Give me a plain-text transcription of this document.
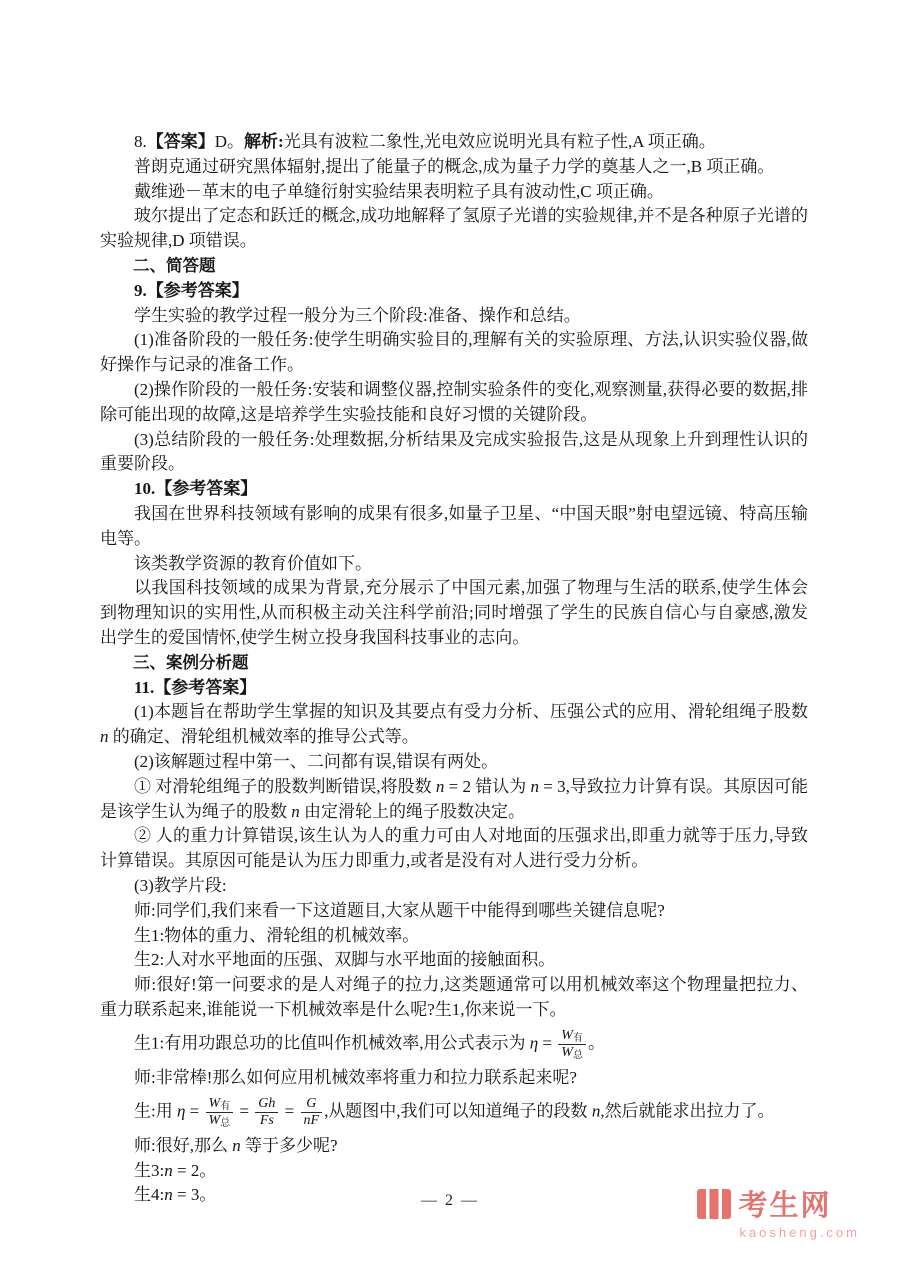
8.【答案】D。解析:光具有波粒二象性,光电效应说明光具有粒子性,A 项正确。

普朗克通过研究黑体辐射,提出了能量子的概念,成为量子力学的奠基人之一,B 项正确。

戴维逊－革末的电子单缝衍射实验结果表明粒子具有波动性,C 项正确。

玻尔提出了定态和跃迁的概念,成功地解释了氢原子光谱的实验规律,并不是各种原子光谱的实验规律,D 项错误。

二、简答题

9.【参考答案】

学生实验的教学过程一般分为三个阶段:准备、操作和总结。

(1)准备阶段的一般任务:使学生明确实验目的,理解有关的实验原理、方法,认识实验仪器,做好操作与记录的准备工作。

(2)操作阶段的一般任务:安装和调整仪器,控制实验条件的变化,观察测量,获得必要的数据,排除可能出现的故障,这是培养学生实验技能和良好习惯的关键阶段。

(3)总结阶段的一般任务:处理数据,分析结果及完成实验报告,这是从现象上升到理性认识的重要阶段。

10.【参考答案】

我国在世界科技领域有影响的成果有很多,如量子卫星、“中国天眼”射电望远镜、特高压输电等。

该类教学资源的教育价值如下。

以我国科技领域的成果为背景,充分展示了中国元素,加强了物理与生活的联系,使学生体会到物理知识的实用性,从而积极主动关注科学前沿;同时增强了学生的民族自信心与自豪感,激发出学生的爱国情怀,使学生树立投身我国科技事业的志向。

三、案例分析题

11.【参考答案】

(1)本题旨在帮助学生掌握的知识及其要点有受力分析、压强公式的应用、滑轮组绳子股数 n 的确定、滑轮组机械效率的推导公式等。

(2)该解题过程中第一、二问都有误,错误有两处。

① 对滑轮组绳子的股数判断错误,将股数 n = 2 错认为 n = 3,导致拉力计算有误。其原因可能是该学生认为绳子的股数 n 由定滑轮上的绳子股数决定。

② 人的重力计算错误,该生认为人的重力可由人对地面的压强求出,即重力就等于压力,导致计算错误。其原因可能是认为压力即重力,或者是没有对人进行受力分析。

(3)教学片段:

师:同学们,我们来看一下这道题目,大家从题干中能得到哪些关键信息呢?

生1:物体的重力、滑轮组的机械效率。

生2:人对水平地面的压强、双脚与水平地面的接触面积。

师:很好!第一问要求的是人对绳子的拉力,这类题通常可以用机械效率这个物理量把拉力、重力联系起来,谁能说一下机械效率是什么呢?生1,你来说一下。

生1:有用功跟总功的比值叫作机械效率,用公式表示为 $\eta = \frac{W_有}{W_总}$ 。

师:非常棒!那么如何应用机械效率将重力和拉力联系起来呢?

生:用 $\eta = \frac{W_有}{W_总} = \frac{Gh}{Fs} = \frac{G}{nF}$ ,从题图中,我们可以知道绳子的段数 n,然后就能求出拉力了。

师:很好,那么 n 等于多少呢?

生3:n = 2。

生4:n = 3。	— 2 —	考生网
kaosheng.com
